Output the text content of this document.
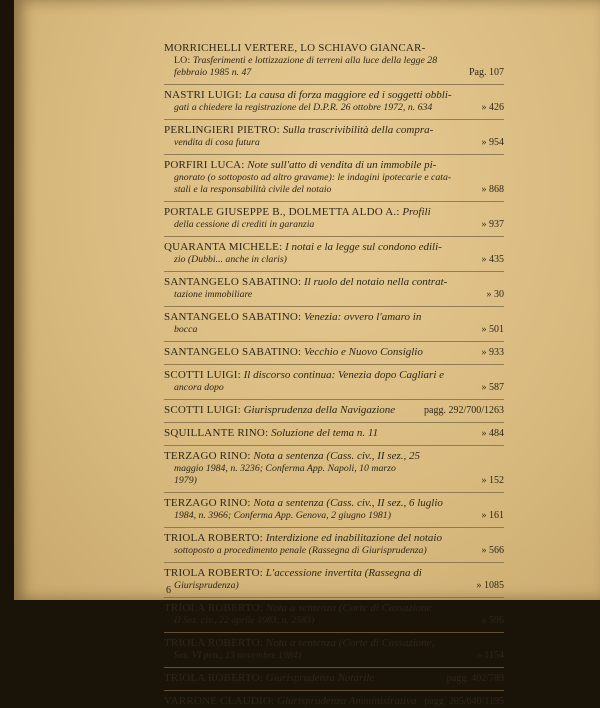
MORRICHELLI VERTERE, LO SCHIAVO GIANCAR-
LO: Trasferimenti e lottizzazione di terreni alla luce della legge 28
febbraio 1985 n. 47	Pag. 107
NASTRI LUIGI: La causa di forza maggiore ed i soggetti obbli-
gati a chiedere la registrazione del D.P.R. 26 ottobre 1972, n. 634	» 426
PERLINGIERI PIETRO: Sulla trascrivibilità della compra-
vendita di cosa futura	» 954
PORFIRI LUCA: Note sull'atto di vendita di un immobile pi-
gnorato (o sottoposto ad altro gravame): le indagini ipotecarie e cata-
stali e la responsabilità civile del notaio	» 868
PORTALE GIUSEPPE B., DOLMETTA ALDO A.: Profili
della cessione di crediti in garanzia	» 937
QUARANTA MICHELE: I notai e la legge sul condono edili-
zio (Dubbi... anche in claris)	» 435
SANTANGELO SABATINO: Il ruolo del notaio nella contrat-
tazione immobiliare	» 30
SANTANGELO SABATINO: Venezia: ovvero l'amaro in
bocca	» 501
SANTANGELO SABATINO: Vecchio e Nuovo Consiglio	» 933
SCOTTI LUIGI: Il discorso continua: Venezia dopo Cagliari e
ancora dopo	» 587
SCOTTI LUIGI: Giurisprudenza della Navigazione	pagg. 292/700/1263
SQUILLANTE RINO: Soluzione del tema n. 11	» 484
TERZAGO RINO: Nota a sentenza (Cass. civ., II sez., 25
maggio 1984, n. 3236; Conferma App. Napoli, 10 marzo
1979)	» 152
TERZAGO RINO: Nota a sentenza (Cass. civ., II sez., 6 luglio
1984, n. 3966; Conferma App. Genova, 2 giugno 1981)	» 161
TRIOLA ROBERTO: Interdizione ed inabilitazione del notaio
sottoposto a procedimento penale (Rassegna di Giurisprudenza)	» 566
TRIOLA ROBERTO: L'accessione invertita (Rassegna di
Giurisprudenza)	» 1085
TRIOLA ROBERTO: Nota a sentenza (Corte di Cassazione
II Sez. civ., 22 aprile 1983, n. 2583)	» 596
TRIOLA ROBERTO: Nota a sentenza (Corte di Cassazione,
Sez. VI pen., 13 novembre 1984)	» 1154
TRIOLA ROBERTO: Giurisprudenza Notarile	pagg. 402/789
VARRONE CLAUDIO: Giurisprudenza Amministrativa pagg. 205/640/1195
6
